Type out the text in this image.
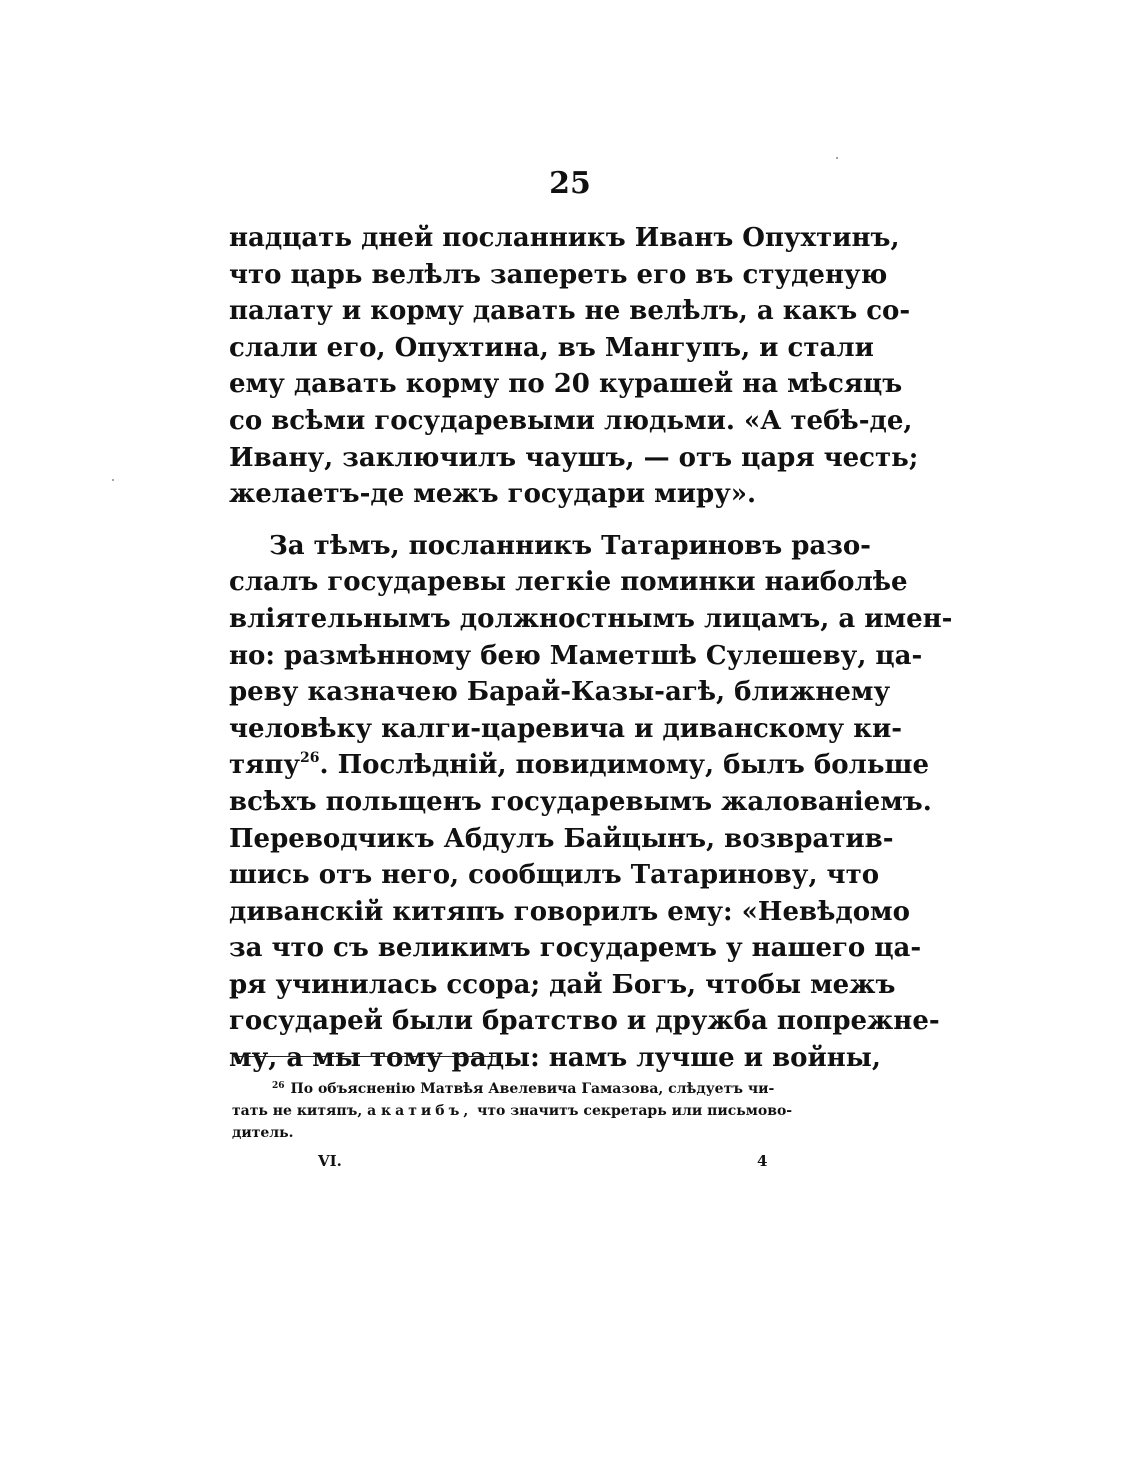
25
надцать дней посланникъ Иванъ Опухтинъ,
что царь велѣлъ запереть его въ студеную
палату и корму давать не велѣлъ, а какъ со-
слали его, Опухтина, въ Мангупъ, и стали
ему давать корму по 20 курашей на мѣсяцъ
со всѣми государевыми людьми. «А тебѣ-де,
Ивану, заключилъ чаушъ, — отъ царя честь;
желаетъ-де межъ государи миру».
За тѣмъ, посланникъ Татариновъ разо-
слалъ государевы легкіе поминки наиболѣе
вліятельнымъ должностнымъ лицамъ, а имен-
но: размѣнному бею Маметшѣ Сулешеву, ца-
реву казначею Барай-Казы-агѣ, ближнему
человѣку калги-царевича и диванскому ки-
тяпу$^{26}$. Послѣдній, повидимому, былъ больше
всѣхъ польщенъ государевымъ жалованіемъ.
Переводчикъ Абдулъ Байцынъ, возвратив-
шись отъ него, сообщилъ Татаринову, что
диванскій китяпъ говорилъ ему: «Невѣдомо
за что съ великимъ государемъ у нашего ца-
ря учинилась ссора; дай Богъ, чтобы межъ
государей были братство и дружба попрежне-
му, а мы тому рады: намъ лучше и войны,
$^{26}$ По объясненію Матвѣя Авелевича Гамазова, слѣдуетъ чи-
тать не китяпъ, а катибъ, что значитъ секретарь или письмово-
дитель.
VI.	4
